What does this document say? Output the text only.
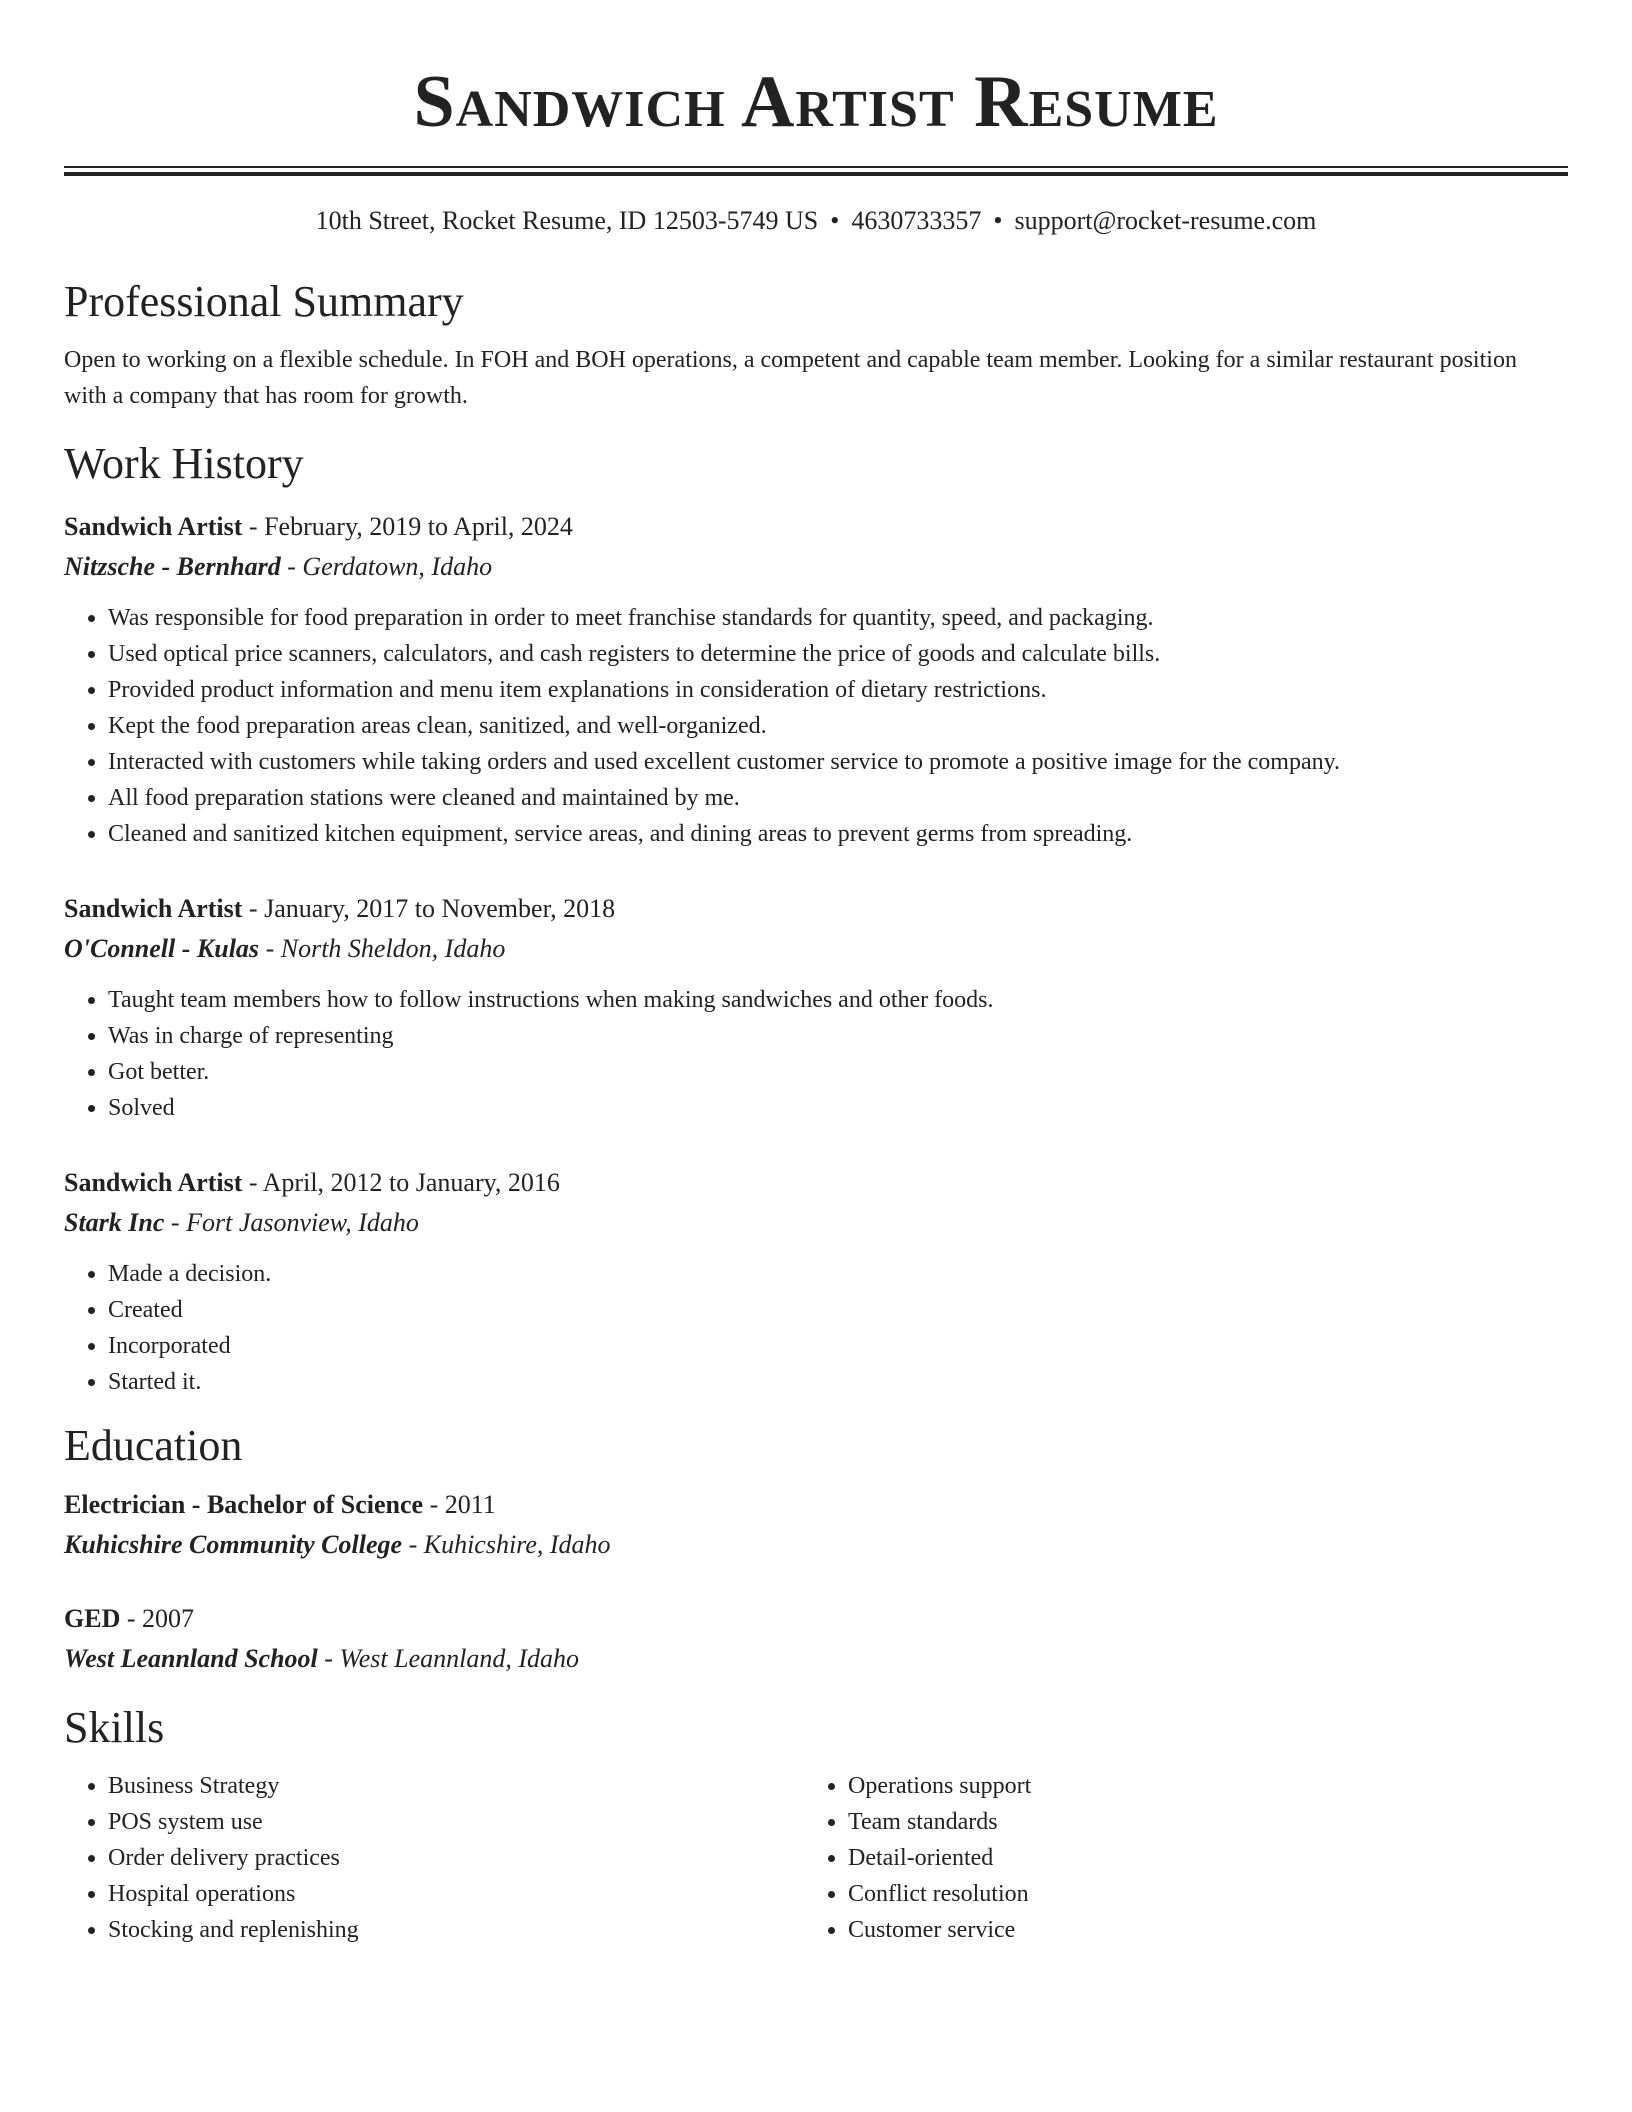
Sandwich Artist Resume
10th Street, Rocket Resume, ID 12503-5749 US • 4630733357 • support@rocket-resume.com
Professional Summary
Open to working on a flexible schedule. In FOH and BOH operations, a competent and capable team member. Looking for a similar restaurant position with a company that has room for growth.
Work History
Sandwich Artist - February, 2019 to April, 2024
Nitzsche - Bernhard - Gerdatown, Idaho
• Was responsible for food preparation in order to meet franchise standards for quantity, speed, and packaging.
• Used optical price scanners, calculators, and cash registers to determine the price of goods and calculate bills.
• Provided product information and menu item explanations in consideration of dietary restrictions.
• Kept the food preparation areas clean, sanitized, and well-organized.
• Interacted with customers while taking orders and used excellent customer service to promote a positive image for the company.
• All food preparation stations were cleaned and maintained by me.
• Cleaned and sanitized kitchen equipment, service areas, and dining areas to prevent germs from spreading.
Sandwich Artist - January, 2017 to November, 2018
O'Connell - Kulas - North Sheldon, Idaho
• Taught team members how to follow instructions when making sandwiches and other foods.
• Was in charge of representing
• Got better.
• Solved
Sandwich Artist - April, 2012 to January, 2016
Stark Inc - Fort Jasonview, Idaho
• Made a decision.
• Created
• Incorporated
• Started it.
Education
Electrician - Bachelor of Science - 2011
Kuhicshire Community College - Kuhicshire, Idaho
GED - 2007
West Leannland School - West Leannland, Idaho
Skills
• Business Strategy
• POS system use
• Order delivery practices
• Hospital operations
• Stocking and replenishing
• Operations support
• Team standards
• Detail-oriented
• Conflict resolution
• Customer service
